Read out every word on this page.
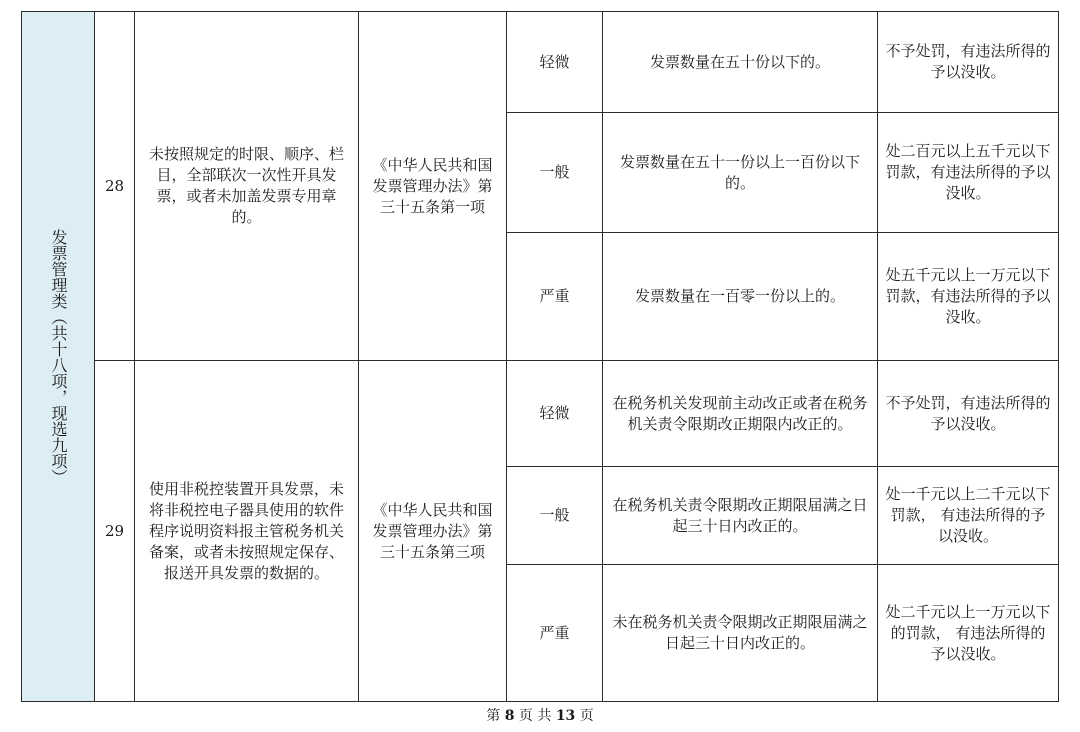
发票管理类（共十八项，现选九项）	28	未按照规定的时限、顺序、栏目，全部联次一次性开具发票，或者未加盖发票专用章的。	《中华人民共和国发票管理办法》第三十五条第一项	轻微	发票数量在五十份以下的。	不予处罚，有违法所得的予以没收。
				一般	发票数量在五十一份以上一百份以下的。	处二百元以上五千元以下罚款，有违法所得的予以没收。
				严重	发票数量在一百零一份以上的。	处五千元以上一万元以下罚款，有违法所得的予以没收。
	29	使用非税控装置开具发票，未将非税控电子器具使用的软件程序说明资料报主管税务机关备案，或者未按照规定保存、报送开具发票的数据的。	《中华人民共和国发票管理办法》第三十五条第三项	轻微	在税务机关发现前主动改正或者在税务机关责令限期改正期限内改正的。	不予处罚，有违法所得的予以没收。
				一般	在税务机关责令限期改正期限届满之日起三十日内改正的。	处一千元以上二千元以下罚款， 有违法所得的予以没收。
				严重	未在税务机关责令限期改正期限届满之日起三十日内改正的。	处二千元以上一万元以下的罚款， 有违法所得的予以没收。
第 8 页 共 13 页
